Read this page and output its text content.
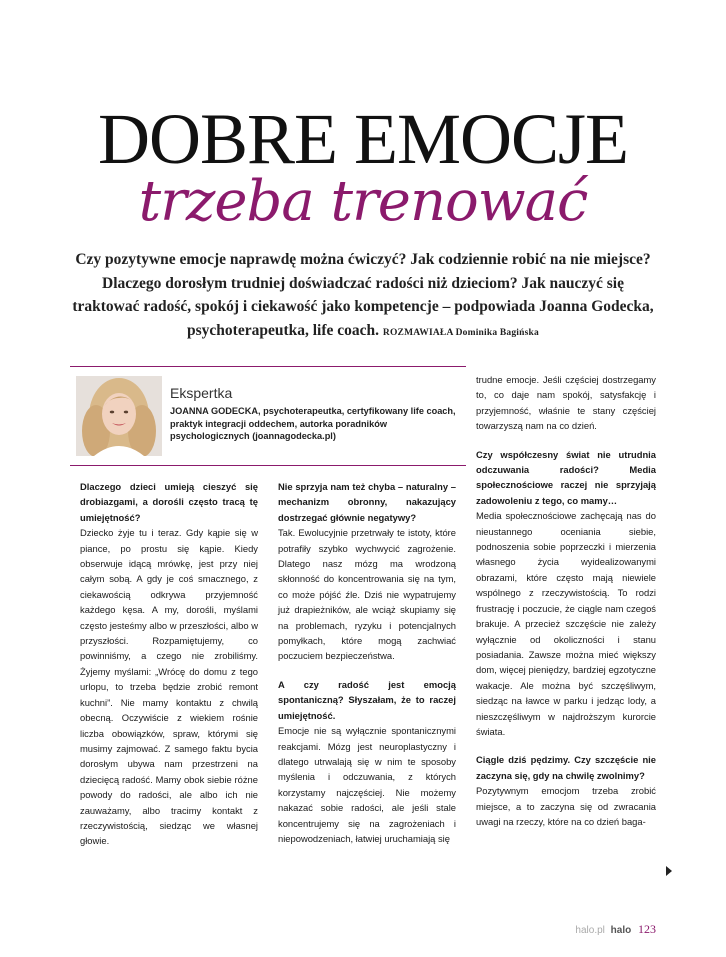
DOBRE EMOCJE
trzeba trenować
Czy pozytywne emocje naprawdę można ćwiczyć? Jak codziennie robić na nie miejsce? Dlaczego dorosłym trudniej doświadczać radości niż dzieciom? Jak nauczyć się traktować radość, spokój i ciekawość jako kompetencje – podpowiada Joanna Godecka, psychoterapeutka, life coach. ROZMAWIAŁA Dominika Bagińska
Ekspertka
JOANNA GODECKA, psychoterapeutka, certyfikowany life coach, praktyk integracji oddechem, autorka poradników psychologicznych (joannagodecka.pl)

Dlaczego dzieci umieją cieszyć się drobiazgami, a dorośli często tracą tę umiejętność?

Dziecko żyje tu i teraz. Gdy kąpie się w piance, po prostu się kąpie. Kiedy obserwuje idącą mrówkę, jest przy niej całym sobą. A gdy je coś smacznego, z ciekawością odkrywa przyjemność każdego kęsa. A my, dorośli, myślami często jesteśmy albo w przeszłości, albo w przyszłości. Rozpamiętujemy, co powinniśmy, a czego nie zrobiliśmy. Żyjemy myślami: „Wrócę do domu z tego urlopu, to trzeba będzie zrobić remont kuchni”. Nie mamy kontaktu z chwilą obecną. Oczywiście z wiekiem rośnie liczba obowiązków, spraw, którymi się musimy zajmować. Z samego faktu bycia dorosłym ubywa nam przestrzeni na dziecięcą radość. Mamy obok siebie różne powody do radości, ale albo ich nie zauważamy, albo tracimy kontakt z rzeczywistością, siedząc we własnej głowie.

Nie sprzyja nam też chyba – naturalny – mechanizm obronny, nakazujący dostrzegać głównie negatywy?

Tak. Ewolucyjnie przetrwały te istoty, które potrafiły szybko wychwycić zagrożenie. Dlatego nasz mózg ma wrodzoną skłonność do koncentrowania się na tym, co może pójść źle. Dziś nie wypatrujemy już drapieżników, ale wciąż skupiamy się na problemach, ryzyku i potencjalnych pomyłkach, które mogą zachwiać poczuciem bezpieczeństwa.

A czy radość jest emocją spontaniczną? Słyszałam, że to raczej umiejętność.

Emocje nie są wyłącznie spontanicznymi reakcjami. Mózg jest neuroplastyczny i dlatego utrwalają się w nim te sposoby myślenia i odczuwania, z których korzystamy najczęściej. Nie możemy nakazać sobie radości, ale jeśli stale koncentrujemy się na zagrożeniach i niepowodzeniach, łatwiej uruchamiają się

trudne emocje. Jeśli częściej dostrzegamy to, co daje nam spokój, satysfakcję i przyjemność, właśnie te stany częściej towarzyszą nam na co dzień.

Czy współczesny świat nie utrudnia odczuwania radości? Media społecznościowe raczej nie sprzyjają zadowoleniu z tego, co mamy…

Media społecznościowe zachęcają nas do nieustannego oceniania siebie, podnoszenia sobie poprzeczki i mierzenia własnego życia wyidealizowanymi obrazami, które często mają niewiele wspólnego z rzeczywistością. To rodzi frustrację i poczucie, że ciągle nam czegoś brakuje. A przecież szczęście nie zależy wyłącznie od okoliczności i stanu posiadania. Zawsze można mieć większy dom, więcej pieniędzy, bardziej egzotyczne wakacje. Ale można być szczęśliwym, siedząc na ławce w parku i jedząc lody, a nieszczęśliwym w najdroższym kurorcie świata.

Ciągle dziś pędzimy. Czy szczęście nie zaczyna się, gdy na chwilę zwolnimy?

Pozytywnym emocjom trzeba zrobić miejsce, a to zaczyna się od zwracania uwagi na rzeczy, które na co dzień baga-

halo.pl halo 123
